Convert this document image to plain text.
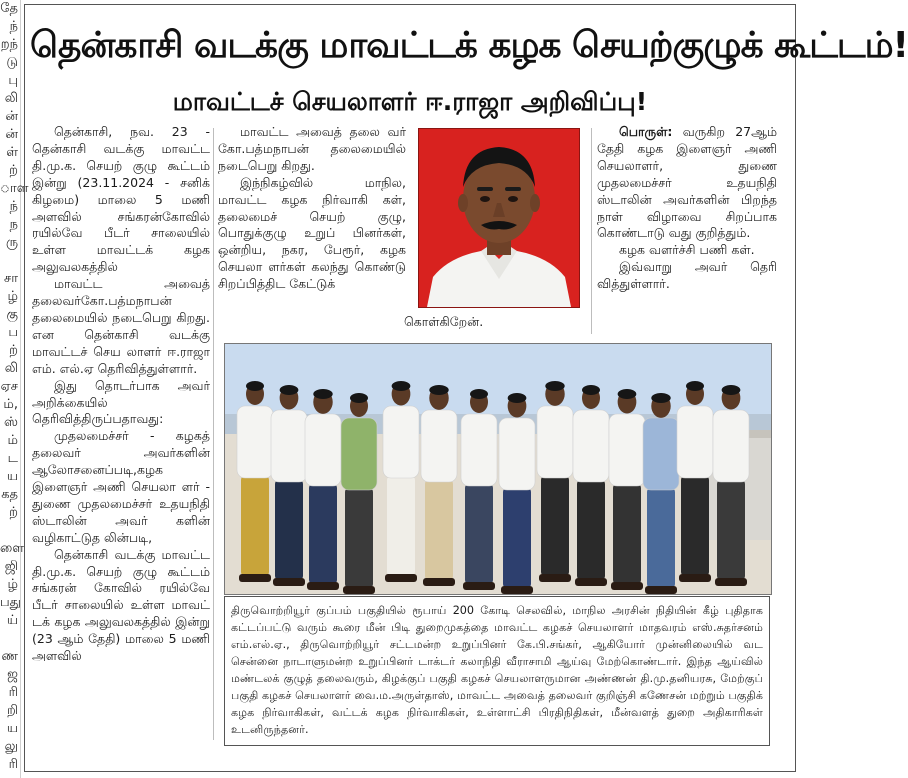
தே
ந்
றந்
டு
பு
லி
ன்
ன்
ள்
ற்
ாள
ந்
ந
ரு

சா
ழ்
கு
ப
ற்
லி
ஏச
ம்,
ஸ்
ம்
ட
ய
கத
ற்

ளை
ஜி
ழ்
பது
ய்

ண
ஜ
ரி
றி
ய
லு
ரி
தென்காசி வடக்கு மாவட்டக் கழக செயற்குழுக் கூட்டம்!
மாவட்டச் செயலாளர் ஈ.ராஜா அறிவிப்பு!

தென்காசி, நவ. 23 - தென்காசி வடக்கு மாவட்ட தி.மு.க. செயற் குழு கூட்டம் இன்று (23.11.2024 - சனிக் கிழமை) மாலை 5 மணி அளவில் சங்கரன்கோவில் ரயில்வே பீடர் சாலையில் உள்ள மாவட்டக் கழக அலுவலகத்தில்

மாவட்ட அவைத் தலைவர்கோ.பத்மநாபன் தலைமையில் நடைபெறு கிறது. என தென்காசி வடக்கு மாவட்டச் செய லாளர் ஈ.ராஜா எம். எல்.ஏ தெரிவித்துள்ளார்.

இது தொடர்பாக அவர் அறிக்கையில் தெரிவித்திருப்பதாவது:

முதலமைச்சர் - கழகத் தலைவர் அவர்களின் ஆலோசனைப்படி,கழக இளைஞர் அணி செயலா ளர் - துணை முதலமைச்சர் உதயநிதி ஸ்டாலின் அவர் களின் வழிகாட்டுத லின்படி,

தென்காசி வடக்கு மாவட்ட தி.மு.க. செயற் குழு கூட்டம் சங்கரன் கோவில் ரயில்வே பீடர் சாலையில் உள்ள மாவட் டக் கழக அலுவலகத்தில் இன்று (23 ஆம் தேதி) மாலை 5 மணி அளவில்

மாவட்ட அவைத் தலை வர் கோ.பத்மநாபன் தலைமையில் நடைபெறு கிறது.

இந்நிகழ்வில் மாநில, மாவட்ட கழக நிர்வாகி கள், தலைமைச் செயற் குழு, பொதுக்குழு உறுப் பினர்கள், ஒன்றிய, நகர, பேரூர், கழக செயலா ளர்கள் கலந்து கொண்டு சிறப்பித்திட கேட்டுக்

கொள்கிறேன்.

பொருள்: வருகிற 27ஆம் தேதி கழக இளைஞர் அணி செயலாளர், துணை முதலமைச்சர் உதயநிதி ஸ்டாலின் அவர்களின் பிறந்த நாள் விழாவை சிறப்பாக கொண்டாடு வது குறித்தும்.

கழக வளர்ச்சி பணி கள்.

இவ்வாறு அவர் தெரி வித்துள்ளார்.

திருவொற்றியூர் குப்பம் பகுதியில் ரூபாய் 200 கோடி செலவில், மாநில அரசின் நிதியின் கீழ் புதிதாக கட்டப்பட்டு வரும் கூரை மீன் பிடி துறைமுகத்தை மாவட்ட கழகச் செயலாளர் மாதவரம் எஸ்.சுதர்சனம் எம்.எல்.ஏ., திருவொற்றியூர் சட்டமன்ற உறுப்பினர் கே.பி.சங்கர், ஆகியோர் முன்னிலையில் வட சென்னை நாடாளுமன்ற உறுப்பினர் டாக்டர் கலாநிதி வீராசாமி ஆய்வு மேற்கொண்டார். இந்த ஆய்வில் மண்டலக் குழுத் தலைவரும், கிழக்குப் பகுதி கழகச் செயலாளருமான அண்ணன் தி.மு.தனியரசு, மேற்குப் பகுதி கழகச் செயலாளர் வை.ம.அருள்தாஸ், மாவட்ட அவைத் தலைவர் குறிஞ்சி கணேசன் மற்றும் பகுதிக் கழக நிர்வாகிகள், வட்டக் கழக நிர்வாகிகள், உள்ளாட்சி பிரதிநிதிகள், மீன்வளத் துறை அதிகாரிகள் உடனிருந்தனர்.
